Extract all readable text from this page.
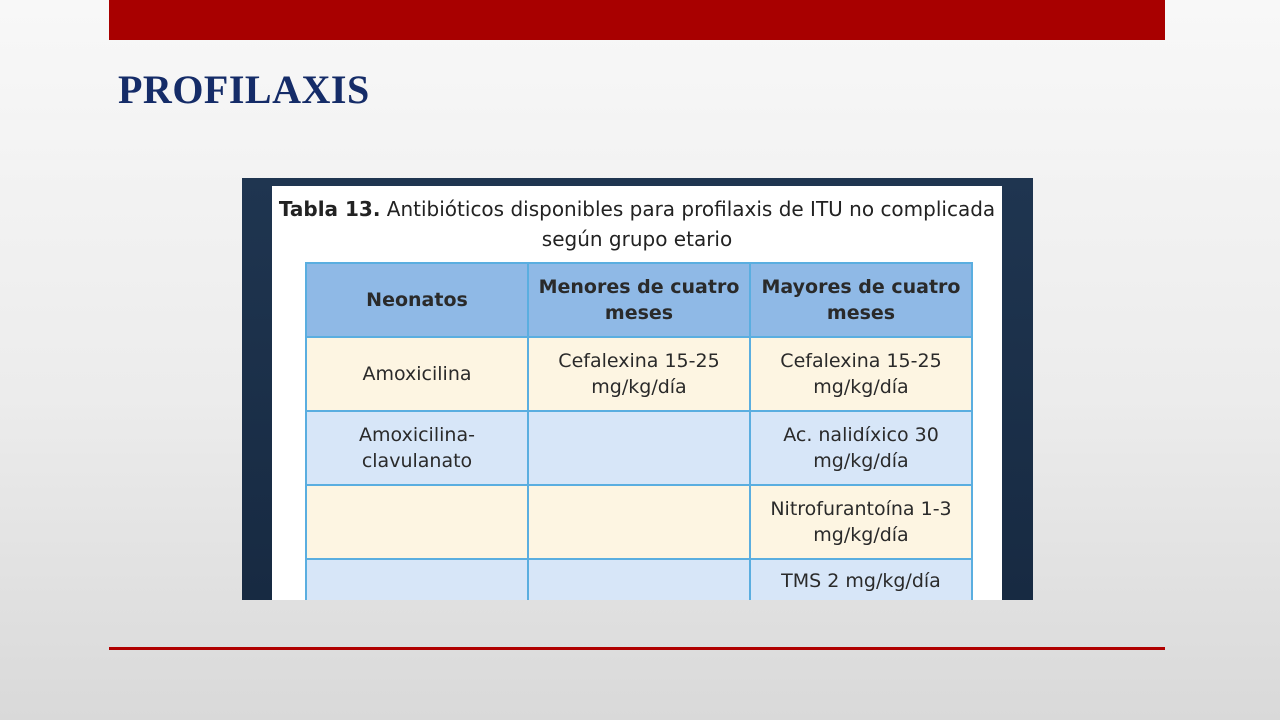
PROFILAXIS
Tabla 13. Antibióticos disponibles para profilaxis de ITU no complicada según grupo etario
Neonatos	Menores de cuatro meses	Mayores de cuatro meses
Amoxicilina	Cefalexina 15-25 mg/kg/día	Cefalexina 15-25 mg/kg/día
Amoxicilina-clavulanato		Ac. nalidíxico 30 mg/kg/día
		Nitrofurantoína 1-3 mg/kg/día
		TMS 2 mg/kg/día
